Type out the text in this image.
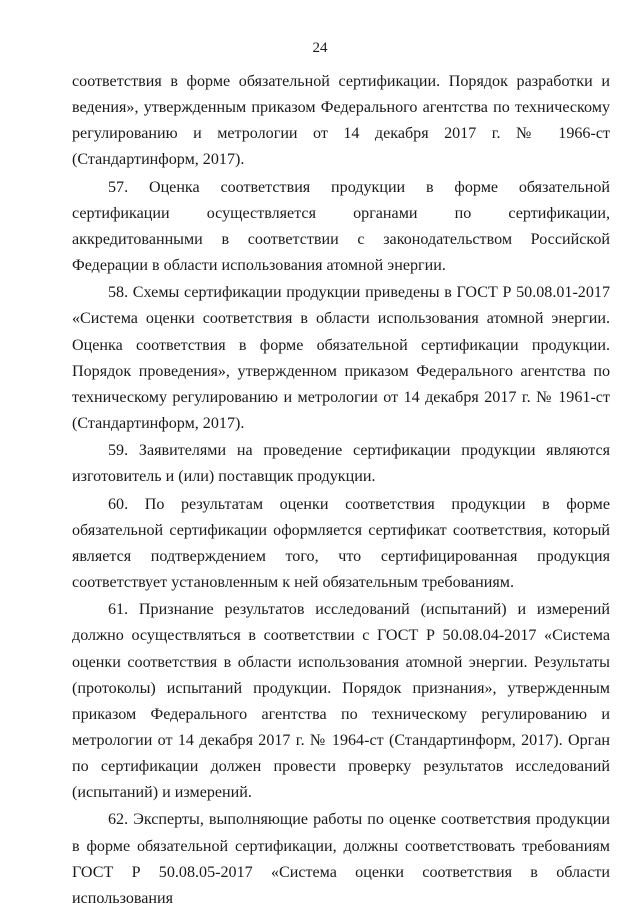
24

соответствия в форме обязательной сертификации. Порядок разработки и ведения», утвержденным приказом Федерального агентства по техническому регулированию и метрологии от 14 декабря 2017 г. № 1966-ст (Стандартинформ, 2017).

57. Оценка соответствия продукции в форме обязательной сертификации осуществляется органами по сертификации, аккредитованными в соответствии с законодательством Российской Федерации в области использования атомной энергии.

58. Схемы сертификации продукции приведены в ГОСТ Р 50.08.01-2017 «Система оценки соответствия в области использования атомной энергии. Оценка соответствия в форме обязательной сертификации продукции. Порядок проведения», утвержденном приказом Федерального агентства по техническому регулированию и метрологии от 14 декабря 2017 г. № 1961-ст (Стандартинформ, 2017).

59. Заявителями на проведение сертификации продукции являются изготовитель и (или) поставщик продукции.

60. По результатам оценки соответствия продукции в форме обязательной сертификации оформляется сертификат соответствия, который является подтверждением того, что сертифицированная продукция соответствует установленным к ней обязательным требованиям.

61. Признание результатов исследований (испытаний) и измерений должно осуществляться в соответствии с ГОСТ Р 50.08.04-2017 «Система оценки соответствия в области использования атомной энергии. Результаты (протоколы) испытаний продукции. Порядок признания», утвержденным приказом Федерального агентства по техническому регулированию и метрологии от 14 декабря 2017 г. № 1964-ст (Стандартинформ, 2017). Орган по сертификации должен провести проверку результатов исследований (испытаний) и измерений.

62. Эксперты, выполняющие работы по оценке соответствия продукции в форме обязательной сертификации, должны соответствовать требованиям ГОСТ Р 50.08.05-2017 «Система оценки соответствия в области использования
